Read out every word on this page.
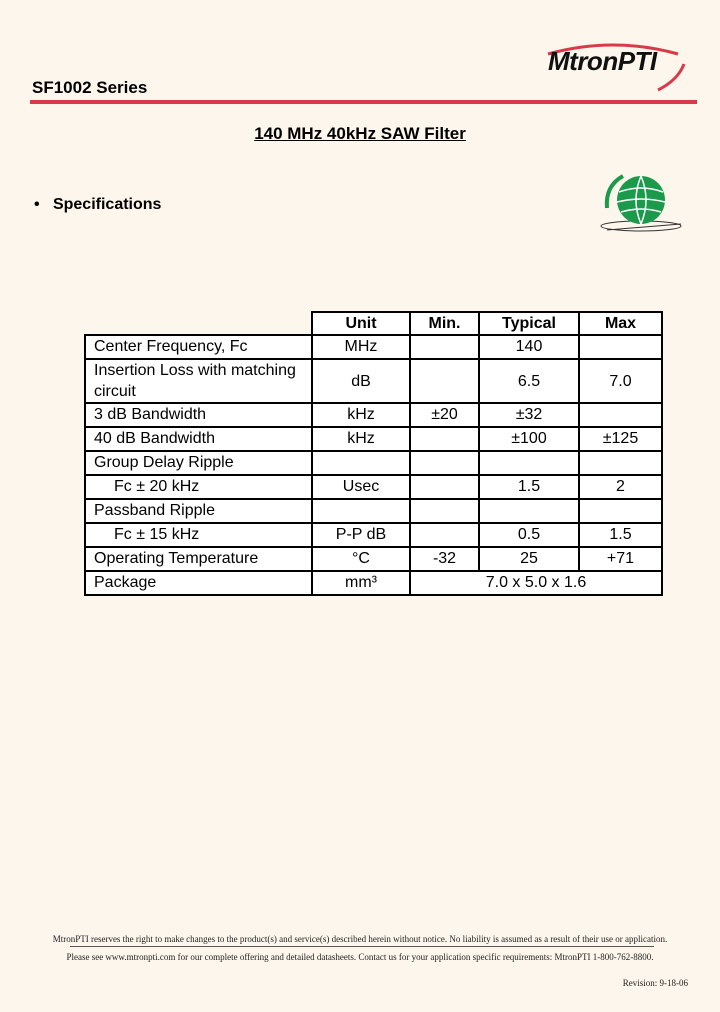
MtronPTI
SF1002 Series
140 MHz 40kHz SAW Filter
• Specifications
	Unit	Min.	Typical	Max
Center Frequency, Fc	MHz		140	
Insertion Loss with matching circuit	dB		6.5	7.0
3 dB Bandwidth	kHz	±20	±32	
40 dB Bandwidth	kHz		±100	±125
Group Delay Ripple				
Fc ± 20 kHz	Usec		1.5	2
Passband Ripple				
Fc ± 15 kHz	P-P dB		0.5	1.5
Operating Temperature	°C	-32	25	+71
Package	mm³	7.0 x 5.0 x 1.6		
MtronPTI reserves the right to make changes to the product(s) and service(s) described herein without notice. No liability is assumed as a result of their use or application.
Please see www.mtronpti.com for our complete offering and detailed datasheets. Contact us for your application specific requirements: MtronPTI 1-800-762-8800.
Revision: 9-18-06
